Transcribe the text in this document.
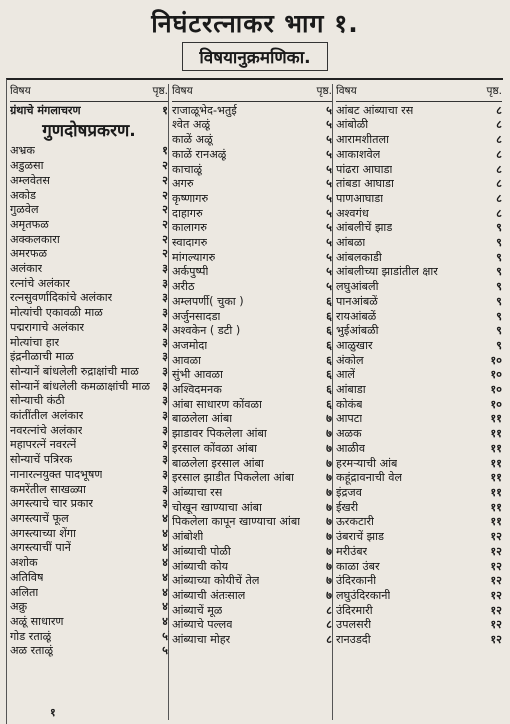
निघंटरत्नाकर भाग १.
विषयानुक्रमणिका.
विषय	पृष्ठ.
ग्रंथाचे मंगलाचरण	१
गुणदोषप्रकरण.
अभ्रक	१
अडुळसा	२
अम्लवेतस	२
अकोड	२
गुळवेल	२
अमृतफळ	२
अक्कलकारा	२
अमरफळ	२
अलंकार	३
रत्नांचे अलंकार	३
रत्नसुवर्णादिकांचे अलंकार	३
मोत्यांची एकावळी माळ	३
पद्मरागाचे अलंकार	३
मोत्यांचा हार	३
इंद्रनीळाची माळ	३
सोन्यानें बांधलेली रुद्राक्षांची माळ	३
सोन्यानें बांधलेली कमळाक्षांची माळ	३
सोन्याची कंठी	३
कांतींतील अलंकार	३
नवरत्नांचे अलंकार	३
महापरत्नें नवरत्नें	३
सोन्याचें पत्रिरक	३
नानारत्नयुक्त पादभूषण	३
कमरेंतील साखळ्या	३
अगस्त्याचे चार प्रकार	३
अगस्त्याचें फूल	४
अगस्त्याच्या शेंगा	४
अगस्त्याचीं पानें	४
अशोक	४
अतिविष	४
अलिता	४
अक्रु	४
अळूं साधारण	४
गोड रताळूं	५
अळ रताळूं	५
विषय	पृष्ठ.
राजाळूभेद-भतुई	५
श्वेत अळूं	५
काळें अळूं	५
काळें रानअळूं	५
काचाळूं	५
अगरु	५
कृष्णागरु	५
दाहागरु	५
कालागरु	५
स्वादागरु	५
मांगल्यागरु	५
अर्कपुष्पी	५
अरीठ	५
अम्लपर्णी( चुका )	६
अर्जुनसादडा	६
अश्वकेन ( डटी )	६
अजमोदा	६
आवळा	६
सुंभी आवळा	६
अश्विदमनक	६
आंबा साधारण कोंवळा	६
बाळलेला आंबा	७
झाडावर पिकलेला आंबा	७
इरसाल कोंवळा आंबा	७
बाळलेला इरसाल आंबा	७
इरसाल झाडीत पिकलेला आंबा	७
आंब्याचा रस	७
चोखून खाण्याचा आंबा	७
पिकलेला कापून खाण्याचा आंबा	७
आंबोशी	७
आंब्याची पोळी	७
आंब्याची कोय	७
आंब्याच्या कोयीचें तेल	७
आंब्याची अंतःसाल	७
आंब्याचें मूळ	८
आंब्याचे पल्लव	८
आंब्याचा मोहर	८
विषय	पृष्ठ.
आंबट आंब्याचा रस	८
आंबोळी	८
आरामशीतला	८
आकाशवेल	८
पांढरा आघाडा	८
तांबडा आघाडा	८
पाणआघाडा	८
अश्वगंध	८
आंबलीचें झाड	९
आंबळा	९
आंबलकाडी	९
आंबलीच्या झाडांतील क्षार	९
लघुआंबली	९
पानआंबळें	९
रायआंबळें	९
भुईआंबळी	९
आळुखार	९
अंकोल	१०
आलें	१०
आंबाडा	१०
कोकंब	१०
आपटा	११
अळक	११
आळीव	११
हरमऱ्याची आंब	११
कहूंद्रावनाची वेल	११
इंद्रजव	११
ईखरी	११
ऊरकटारी	११
उंबराचें झाड	१२
मरीउंबर	१२
काळा उंबर	१२
उंदिरकानी	१२
लघुउंदिरकानी	१२
उंदिरमारी	१२
उपलसरी	१२
रानउडदी	१२
१
